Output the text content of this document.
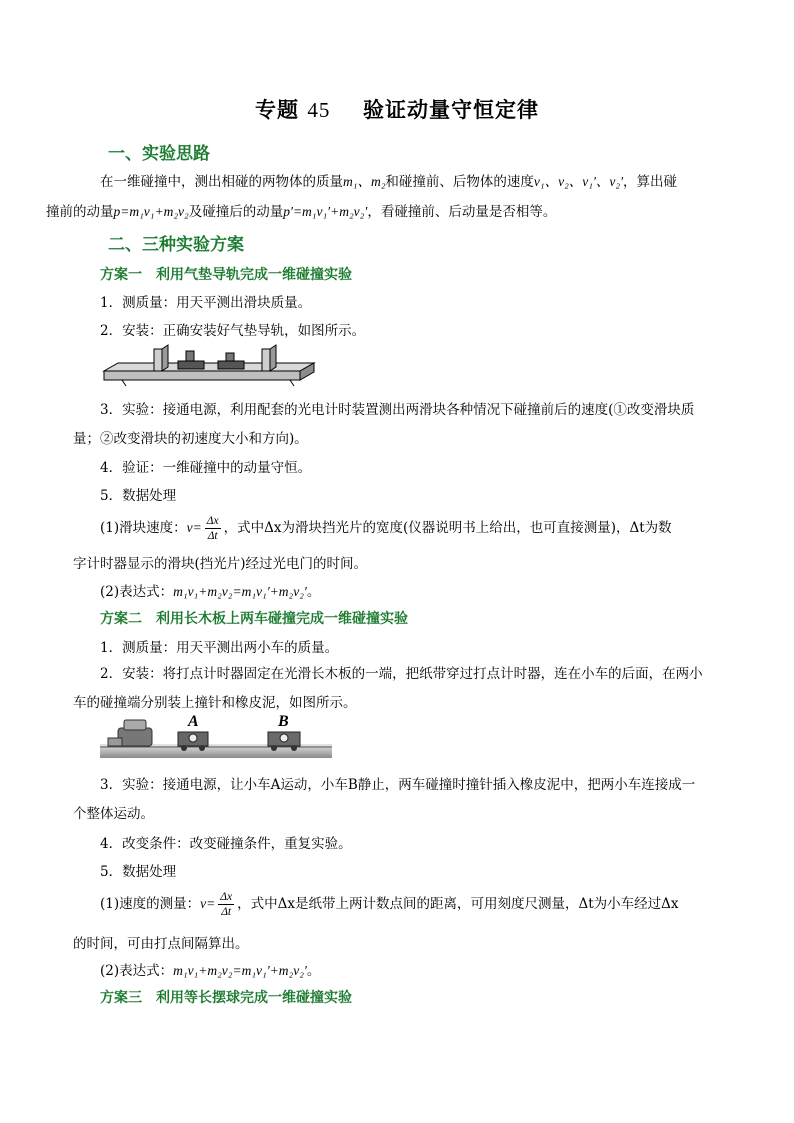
专题 45 验证动量守恒定律
一、实验思路
在一维碰撞中，测出相碰的两物体的质量m₁、m₂和碰撞前、后物体的速度v₁、v₂、v₁′、v₂′，算出碰
撞前的动量p=m₁v₁+m₂v₂及碰撞后的动量p′=m₁v₁′+m₂v₂′，看碰撞前、后动量是否相等。
二、三种实验方案
方案一　利用气垫导轨完成一维碰撞实验
1．测质量：用天平测出滑块质量。
2．安装：正确安装好气垫导轨，如图所示。
3．实验：接通电源，利用配套的光电计时装置测出两滑块各种情况下碰撞前后的速度(①改变滑块质
量；②改变滑块的初速度大小和方向)。
4．验证：一维碰撞中的动量守恒。
5．数据处理
(1)滑块速度：$v= \frac{\Delta x}{\Delta t}$ ，式中Δx为滑块挡光片的宽度(仪器说明书上给出，也可直接测量)，Δt为数
字计时器显示的滑块(挡光片)经过光电门的时间。
(2)表达式：m₁v₁+m₂v₂=m₁v₁′+m₂v₂′。
方案二　利用长木板上两车碰撞完成一维碰撞实验
1．测质量：用天平测出两小车的质量。
2．安装：将打点计时器固定在光滑长木板的一端，把纸带穿过打点计时器，连在小车的后面，在两小
车的碰撞端分别装上撞针和橡皮泥，如图所示。
A	B
3．实验：接通电源，让小车A运动，小车B静止，两车碰撞时撞针插入橡皮泥中，把两小车连接成一
个整体运动。
4．改变条件：改变碰撞条件，重复实验。
5．数据处理
(1)速度的测量：$v= \frac{\Delta x}{\Delta t}$ ，式中Δx是纸带上两计数点间的距离，可用刻度尺测量，Δt为小车经过Δx
的时间，可由打点间隔算出。
(2)表达式：m₁v₁+m₂v₂=m₁v₁′+m₂v₂′。
方案三　利用等长摆球完成一维碰撞实验
